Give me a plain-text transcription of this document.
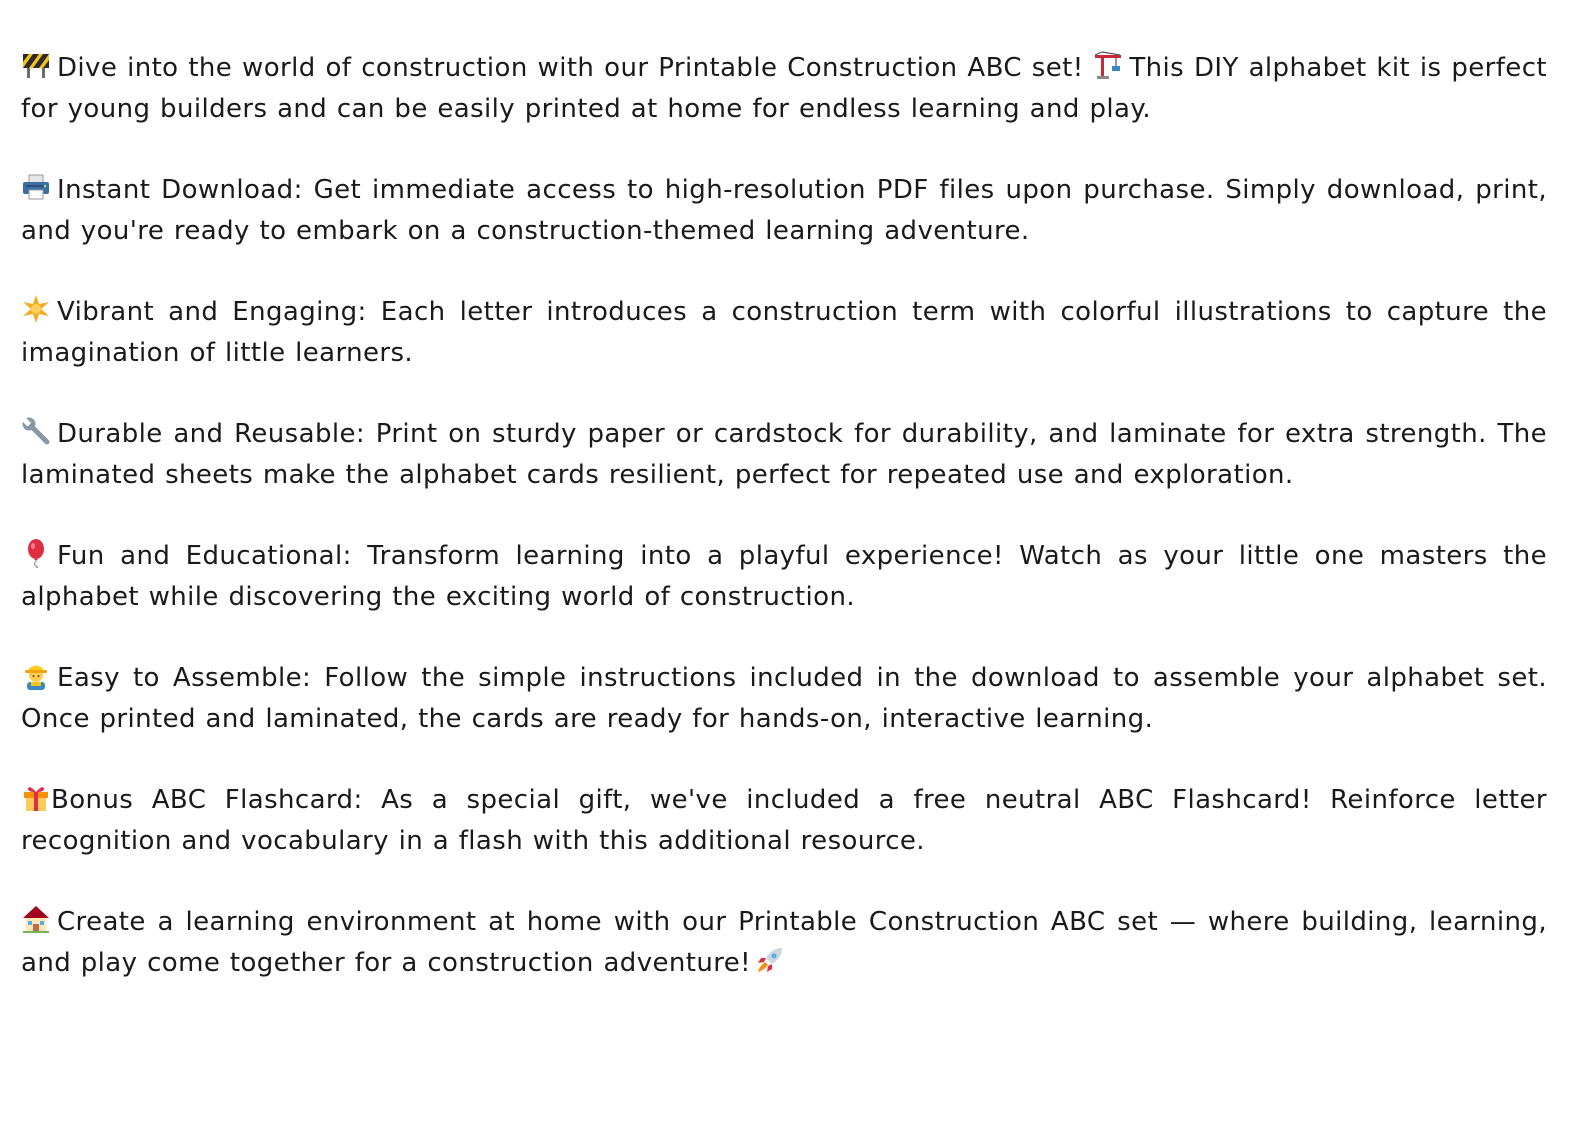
Dive into the world of construction with our Printable Construction ABC set! This DIY alphabet kit is perfect for young builders and can be easily printed at home for endless learning and play.

Instant Download: Get immediate access to high-resolution PDF files upon purchase. Simply download, print, and you're ready to embark on a construction-themed learning adventure.

Vibrant and Engaging: Each letter introduces a construction term with colorful illustrations to capture the imagination of little learners.

Durable and Reusable: Print on sturdy paper or cardstock for durability, and laminate for extra strength. The laminated sheets make the alphabet cards resilient, perfect for repeated use and exploration.

Fun and Educational: Transform learning into a playful experience! Watch as your little one masters the alphabet while discovering the exciting world of construction.

Easy to Assemble: Follow the simple instructions included in the download to assemble your alphabet set. Once printed and laminated, the cards are ready for hands-on, interactive learning.

Bonus ABC Flashcard: As a special gift, we've included a free neutral ABC Flashcard! Reinforce letter recognition and vocabulary in a flash with this additional resource.

Create a learning environment at home with our Printable Construction ABC set — where building, learning, and play come together for a construction adventure!
